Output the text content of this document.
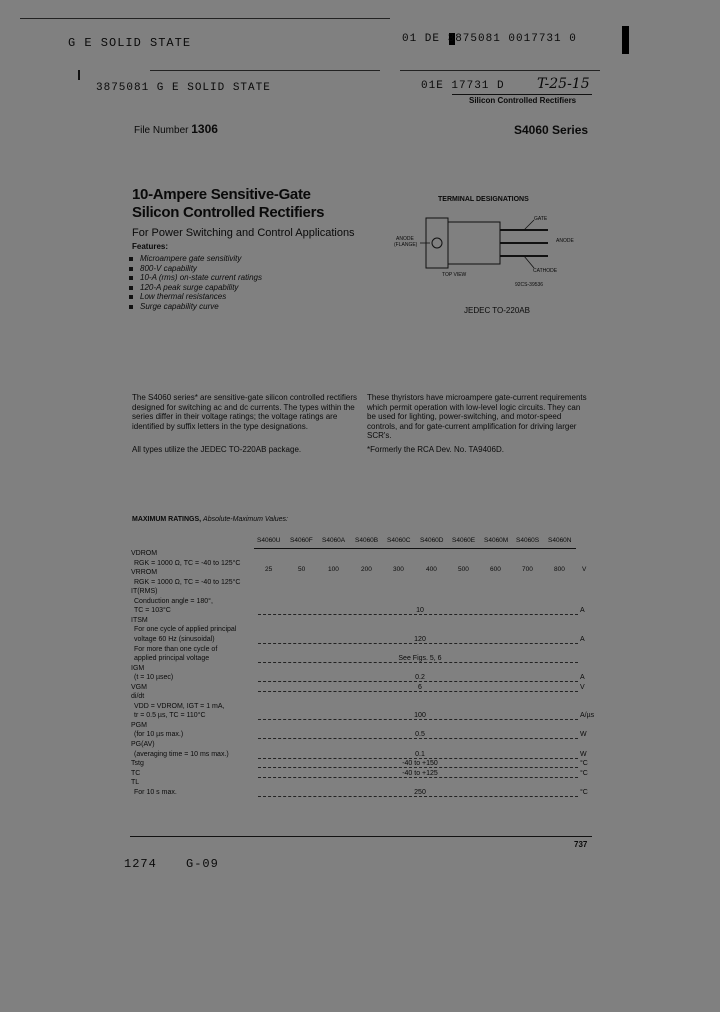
G E SOLID STATE	01 DE 3875081 0017731 0
3875081 G E SOLID STATE	01E 17731 D T-25-15
Silicon Controlled Rectifiers
File Number 1306	S4060 Series
10-Ampere Sensitive-Gate
Silicon Controlled Rectifiers
For Power Switching and Control Applications
Features:
Microampere gate sensitivity
800-V capability
10-A (rms) on-state current ratings
120-A peak surge capability
Low thermal resistances
Surge capability curve
TERMINAL DESIGNATIONS
GATE
ANODE
ANODE
(FLANGE)
CATHODE
TOP VIEW
92CS-39536
JEDEC TO-220AB
The S4060 series* are sensitive-gate silicon controlled rectifiers designed for switching ac and dc currents. The types within the series differ in their voltage ratings; the voltage ratings are identified by suffix letters in the type designations.
All types utilize the JEDEC TO-220AB package.
These thyristors have microampere gate-current requirements which permit operation with low-level logic circuits. They can be used for lighting, power-switching, and motor-speed controls, and for gate-current amplification for driving larger SCR's.
*Formerly the RCA Dev. No. TA9406D.
MAXIMUM RATINGS, Absolute-Maximum Values:
S4060U S4060F S4060A S4060B S4060C S4060D S4060E S4060M S4060S S4060N
25	50	100	200	300	400	500	600	700	800	V
VDROM
RGK = 1000 Ω, TC = -40 to 125°C
VRROM
RGK = 1000 Ω, TC = -40 to 125°C
IT(RMS)
Conduction angle = 180°,
TC = 103°C	10	A
ITSM
For one cycle of applied principal
voltage 60 Hz (sinusoidal)	120	A
For more than one cycle of
applied principal voltage	See Figs. 5, 6
IGM
(t = 10 µsec)	0.2	A
VGM	6	V
di/dt
VDD = VDROM, IGT = 1 mA,
tr = 0.5 µs, TC = 110°C	100	A/µs
PGM
(for 10 µs max.)	0.5	W
PG(AV)
(averaging time = 10 ms max.)	0.1	W
Tstg	-40 to +150	°C
TC	-40 to +125	°C
TL
For 10 s max.	250	°C
737
1274 G-09
